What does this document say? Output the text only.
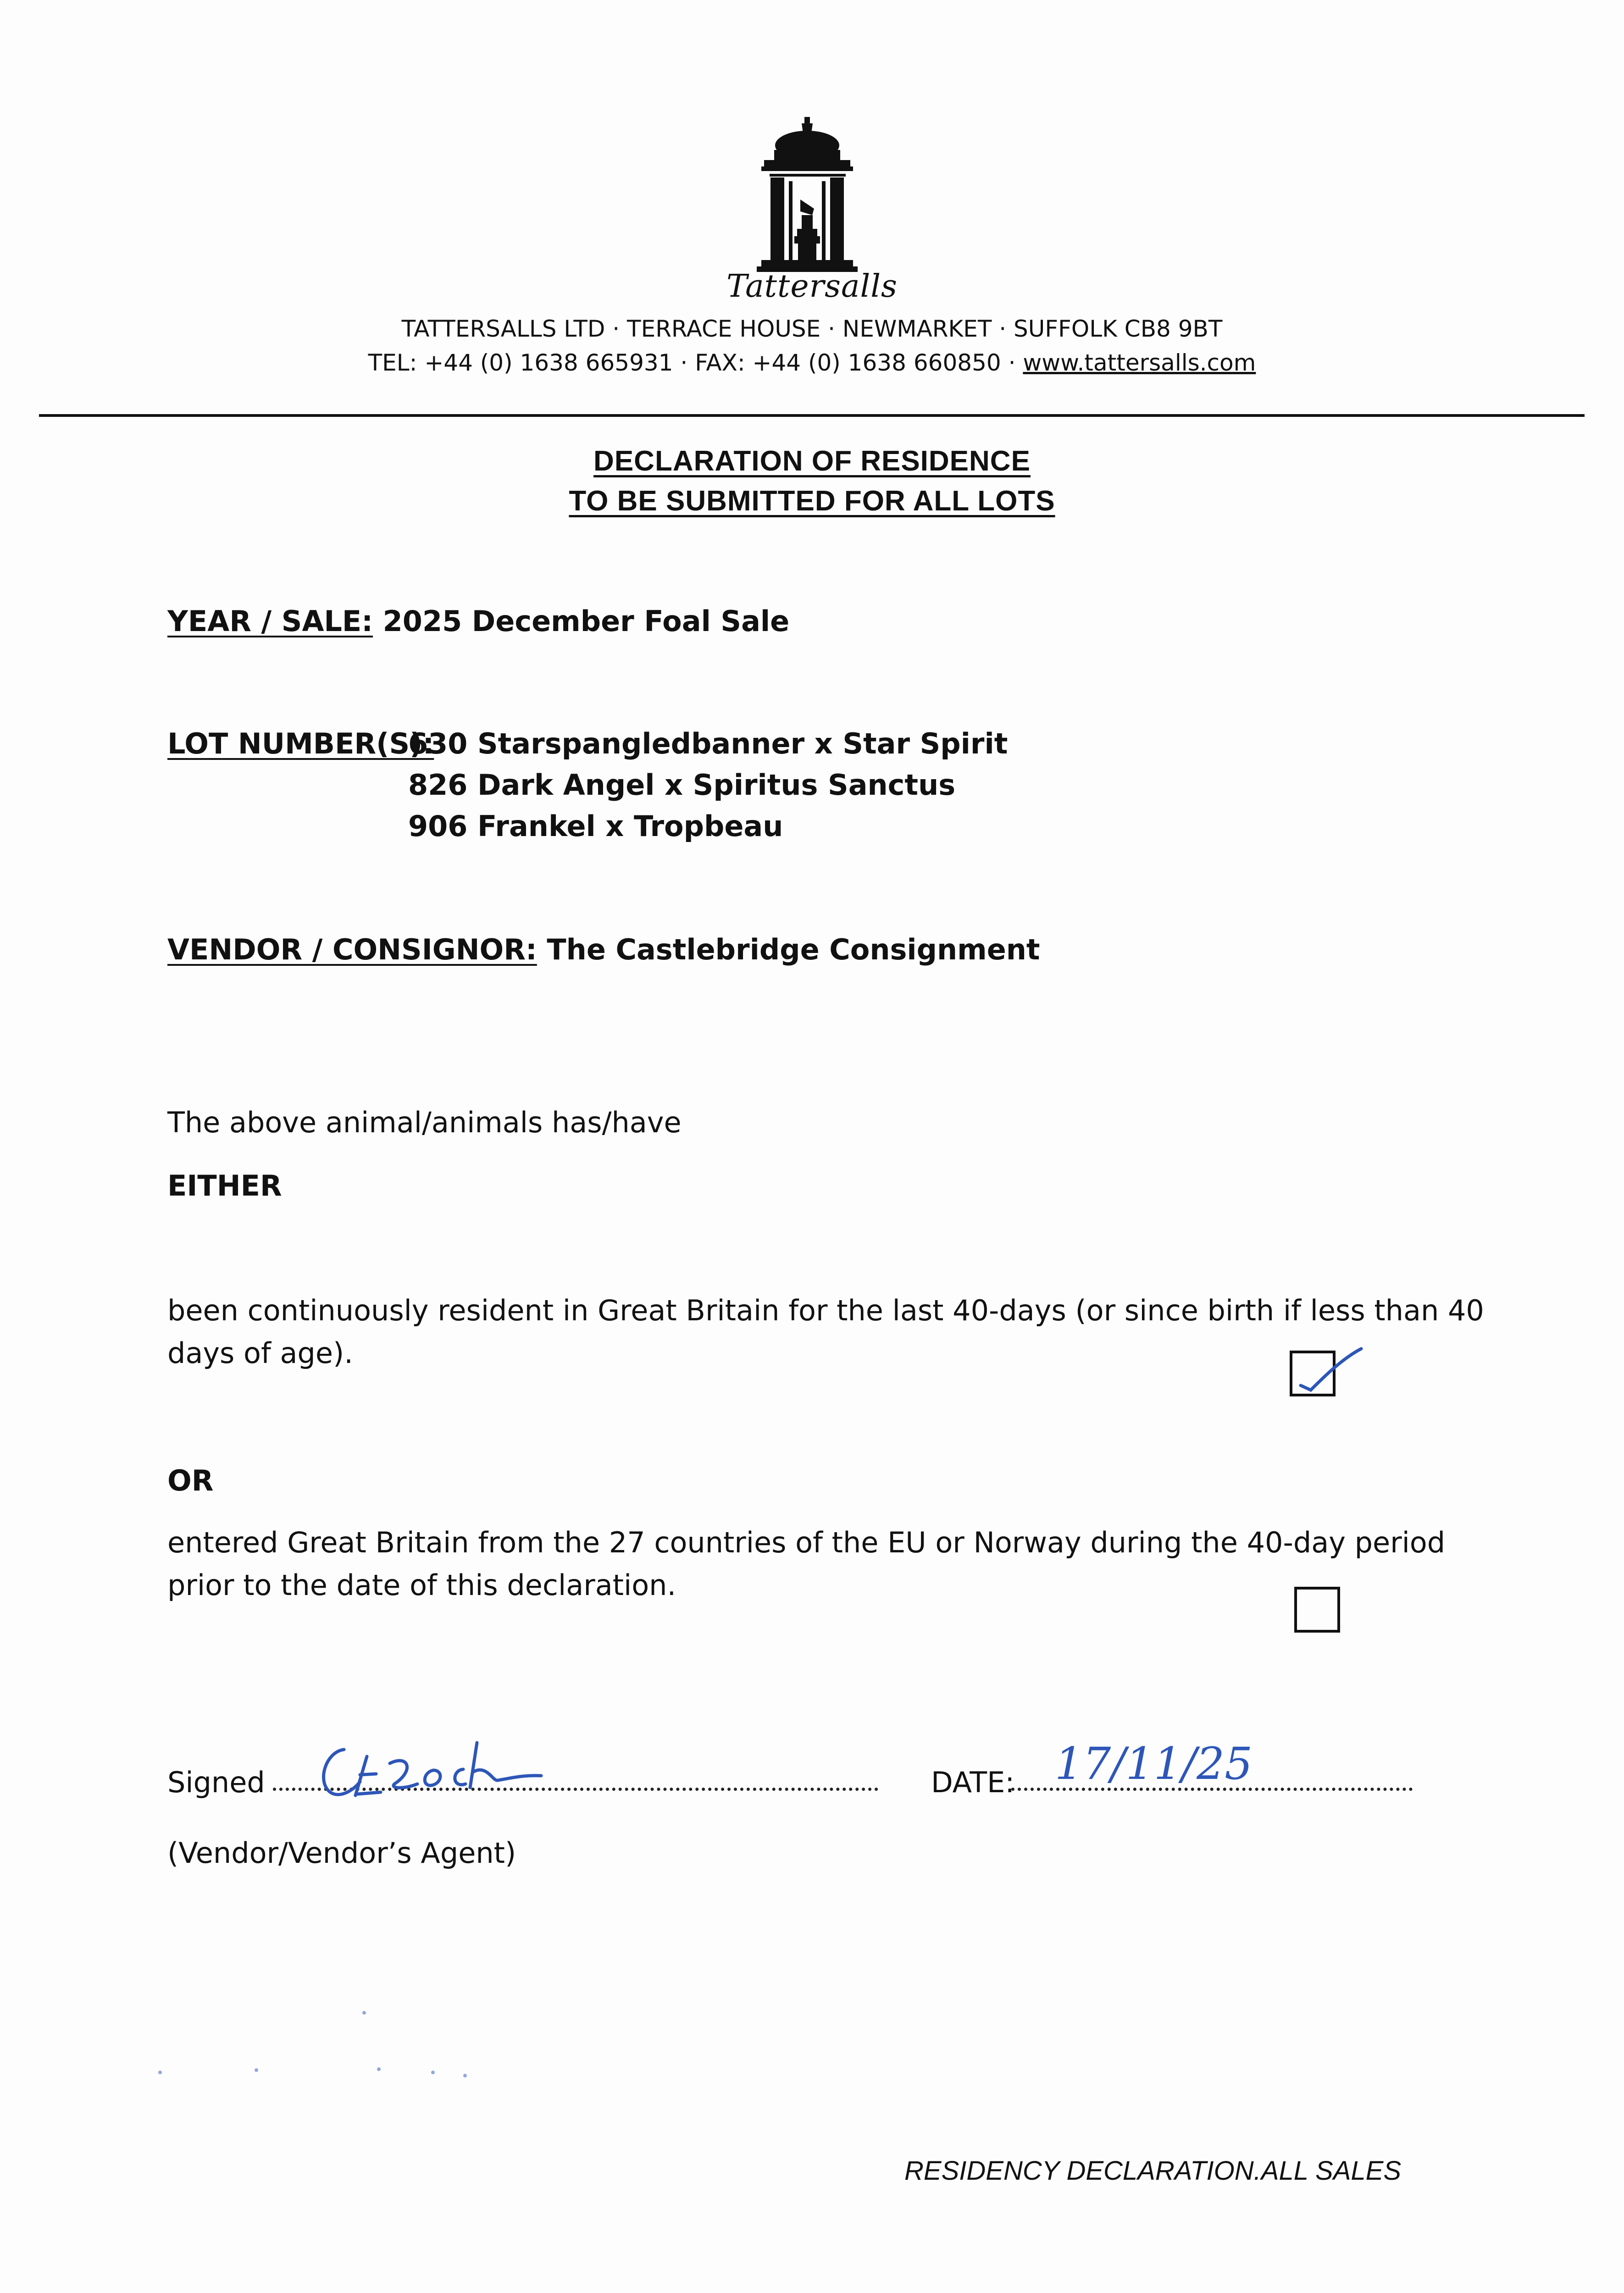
Tattersalls
TATTERSALLS LTD · TERRACE HOUSE · NEWMARKET · SUFFOLK CB8 9BT
TEL: +44 (0) 1638 665931 · FAX: +44 (0) 1638 660850 · www.tattersalls.com
DECLARATION OF RESIDENCE
TO BE SUBMITTED FOR ALL LOTS
YEAR / SALE: 2025 December Foal Sale
LOT NUMBER(S):
630 Starspangledbanner x Star Spirit
826 Dark Angel x Spiritus Sanctus
906 Frankel x Tropbeau
VENDOR / CONSIGNOR: The Castlebridge Consignment
The above animal/animals has/have
EITHER
been continuously resident in Great Britain for the last 40-days (or since birth if less than 40
days of age).
OR
entered Great Britain from the 27 countries of the EU or Norway during the 40-day period
prior to the date of this declaration.
Signed	DATE: 17/11/25
(Vendor/Vendor’s Agent)
RESIDENCY DECLARATION.ALL SALES
